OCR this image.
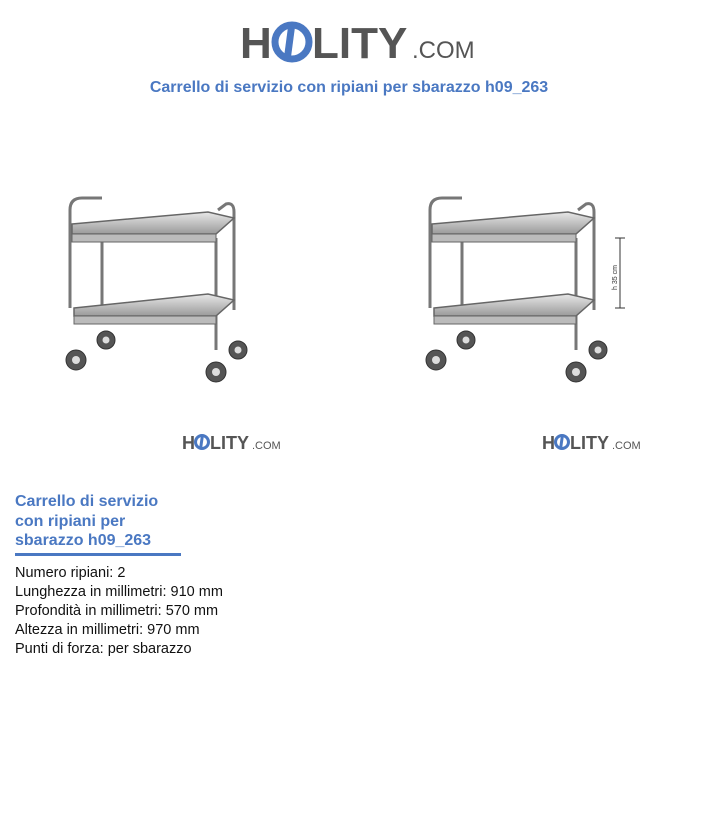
H LITY .COM
Carrello di servizio con ripiani per sbarazzo h09_263
h 35 cm
H LITY .COM	H LITY .COM
Carrello di servizio
con ripiani per
sbarazzo h09_263
Numero ripiani: 2
Lunghezza in millimetri: 910 mm
Profondità in millimetri: 570 mm
Altezza in millimetri: 970 mm
Punti di forza: per sbarazzo
